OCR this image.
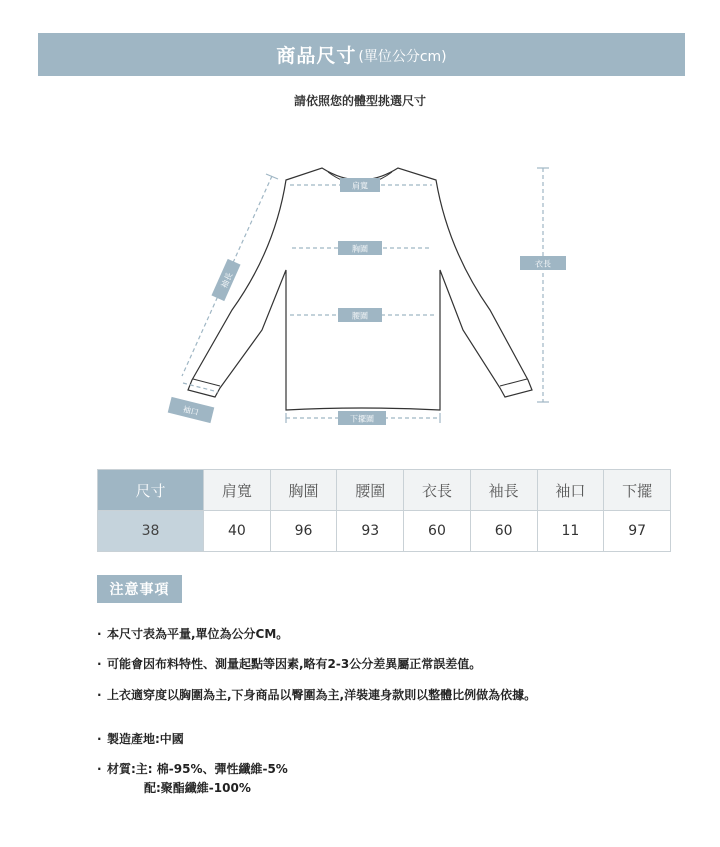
商品尺寸 (單位公分cm)
請依照您的體型挑選尺寸
肩寬
胸圍
腰圍
下擺圍
衣長
袖長
袖口
尺寸	肩寬	胸圍	腰圍	衣長	袖長	袖口	下擺
38	40	96	93	60	60	11	97
注意事項
· 本尺寸表為平量,單位為公分CM。
· 可能會因布料特性、測量起點等因素,略有2-3公分差異屬正常誤差值。
· 上衣適穿度以胸圍為主,下身商品以臀圍為主,洋裝連身款則以整體比例做為依據。
· 製造產地:中國
· 材質:主: 棉-95%、彈性纖維-5%
配:聚酯纖維-100%
